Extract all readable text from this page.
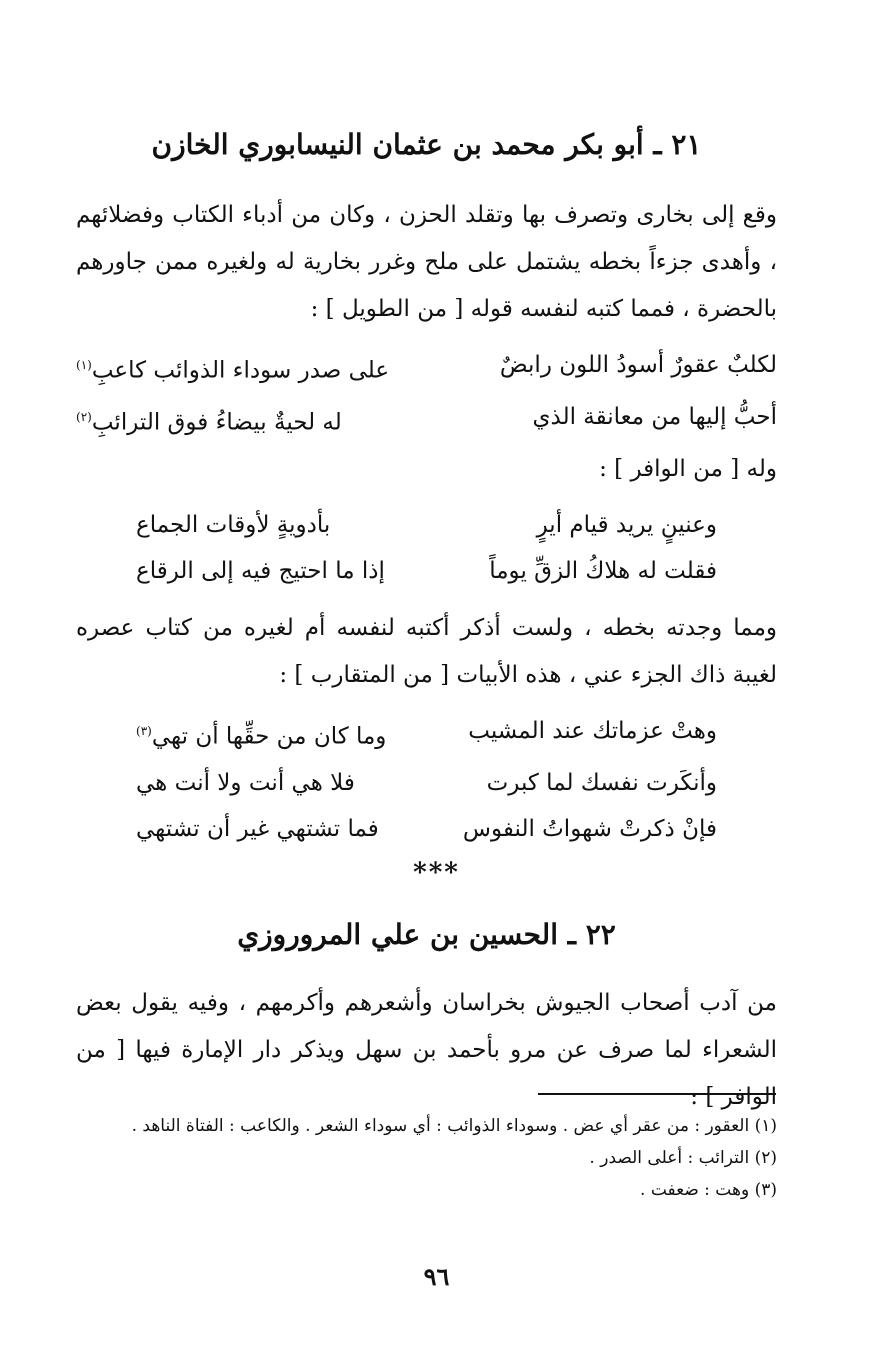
٢١ ـ أبو بكر محمد بن عثمان النيسابوري الخازن
وقع إلى بخارى وتصرف بها وتقلد الحزن ، وكان من أدباء الكتاب وفضلائهم ، وأهدى جزءاً بخطه يشتمل على ملح وغرر بخارية له ولغيره ممن جاورهم بالحضرة ، فمما كتبه لنفسه قوله [ من الطويل ] :
لكلبٌ عقورٌ أسودُ اللون رابضٌ
على صدر سوداء الذوائب كاعبِ$^{(١)}$
أحبُّ إليها من معانقة الذي
له لحيةٌ بيضاءُ فوق الترائبِ$^{(٢)}$
وله [ من الوافر ] :
وعنينٍ يريد قيام أيرٍ
بأدويةٍ لأوقات الجماع
فقلت له هلاكُ الزقِّ يوماً
إذا ما احتيج فيه إلى الرقاع
ومما وجدته بخطه ، ولست أذكر أكتبه لنفسه أم لغيره من كتاب عصره لغيبة ذاك الجزء عني ، هذه الأبيات [ من المتقارب ] :
وهتْ عزماتك عند المشيب
وما كان من حقِّها أن تهي$^{(٣)}$
وأنكَرت نفسك لما كبرت
فلا هي أنت ولا أنت هي
فإنْ ذكرتْ شهواتُ النفوس
فما تشتهي غير أن تشتهي
***
٢٢ ـ الحسين بن علي المروروزي
من آدب أصحاب الجيوش بخراسان وأشعرهم وأكرمهم ، وفيه يقول بعض الشعراء لما صرف عن مرو بأحمد بن سهل ويذكر دار الإمارة فيها [ من الوافر ] :
(١) العقور : من عقر أي عض . وسوداء الذوائب : أي سوداء الشعر . والكاعب : الفتاة الناهد .
(٢) الترائب : أعلى الصدر .
(٣) وهت : ضعفت .
٩٦
